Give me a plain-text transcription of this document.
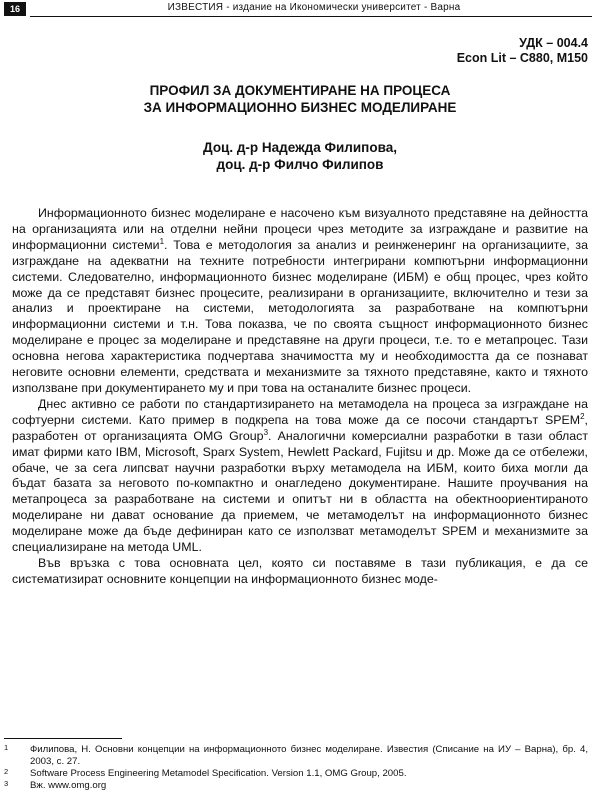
16	ИЗВЕСТИЯ - издание на Икономически университет - Варна
УДК – 004.4
Econ Lit – C880, M150
ПРОФИЛ ЗА ДОКУМЕНТИРАНЕ НА ПРОЦЕСА
ЗА ИНФОРМАЦИОННО БИЗНЕС МОДЕЛИРАНЕ
Доц. д-р Надежда Филипова,
доц. д-р Филчо Филипов

Информационното бизнес моделиране е насочено към визуалното представяне на дейността на организацията или на отделни нейни процеси чрез методите за изграждане и развитие на информационни системи$^1$. Това е методология за анализ и реинженеринг на организациите, за изграждане на адекватни на техните потребности интегрирани компютърни информационни системи. Следователно, информационното бизнес моделиране (ИБМ) е общ процес, чрез който може да се представят бизнес процесите, реализирани в организациите, включително и тези за анализ и проектиране на системи, методологията за разработване на компютърни информационни системи и т.н. Това показва, че по своята същност информационното бизнес моделиране е процес за моделиране и представяне на други процеси, т.е. то е метапроцес. Тази основна негова характеристика подчертава значимостта му и необходимостта да се познават неговите основни елементи, средствата и механизмите за тяхното представяне, както и тяхното използване при документирането му и при това на останалите бизнес процеси.

Днес активно се работи по стандартизирането на метамодела на процеса за изграждане на софтуерни системи. Като пример в подкрепа на това може да се посочи стандартът SPEM$^2$, разработен от организацията OMG Group$^3$. Аналогични комерсиални разработки в тази област имат фирми като IBM, Microsoft, Sparx System, Hewlett Packard, Fujitsu и др. Може да се отбележи, обаче, че за сега липсват научни разработки върху метамодела на ИБМ, които биха могли да бъдат базата за неговото по-компактно и онагледено документиране. Нашите проучвания на метапроцеса за разработване на системи и опитът ни в областта на обектноориентираното моделиране ни дават основание да приемем, че метамоделът на информационното бизнес моделиране може да бъде дефиниран като се използват метамоделът SPEM и механизмите за специализиране на метода UML.

Във връзка с това основната цел, която си поставяме в тази публикация, е да се систематизират основните концепции на информационното бизнес моде-

1 Филипова, Н. Основни концепции на информационното бизнес моделиране. Известия (Списание на ИУ – Варна), бр. 4, 2003, с. 27.
2 Software Process Engineering Metamodel Specification. Version 1.1, OMG Group, 2005.
3 Вж. www.omg.org
